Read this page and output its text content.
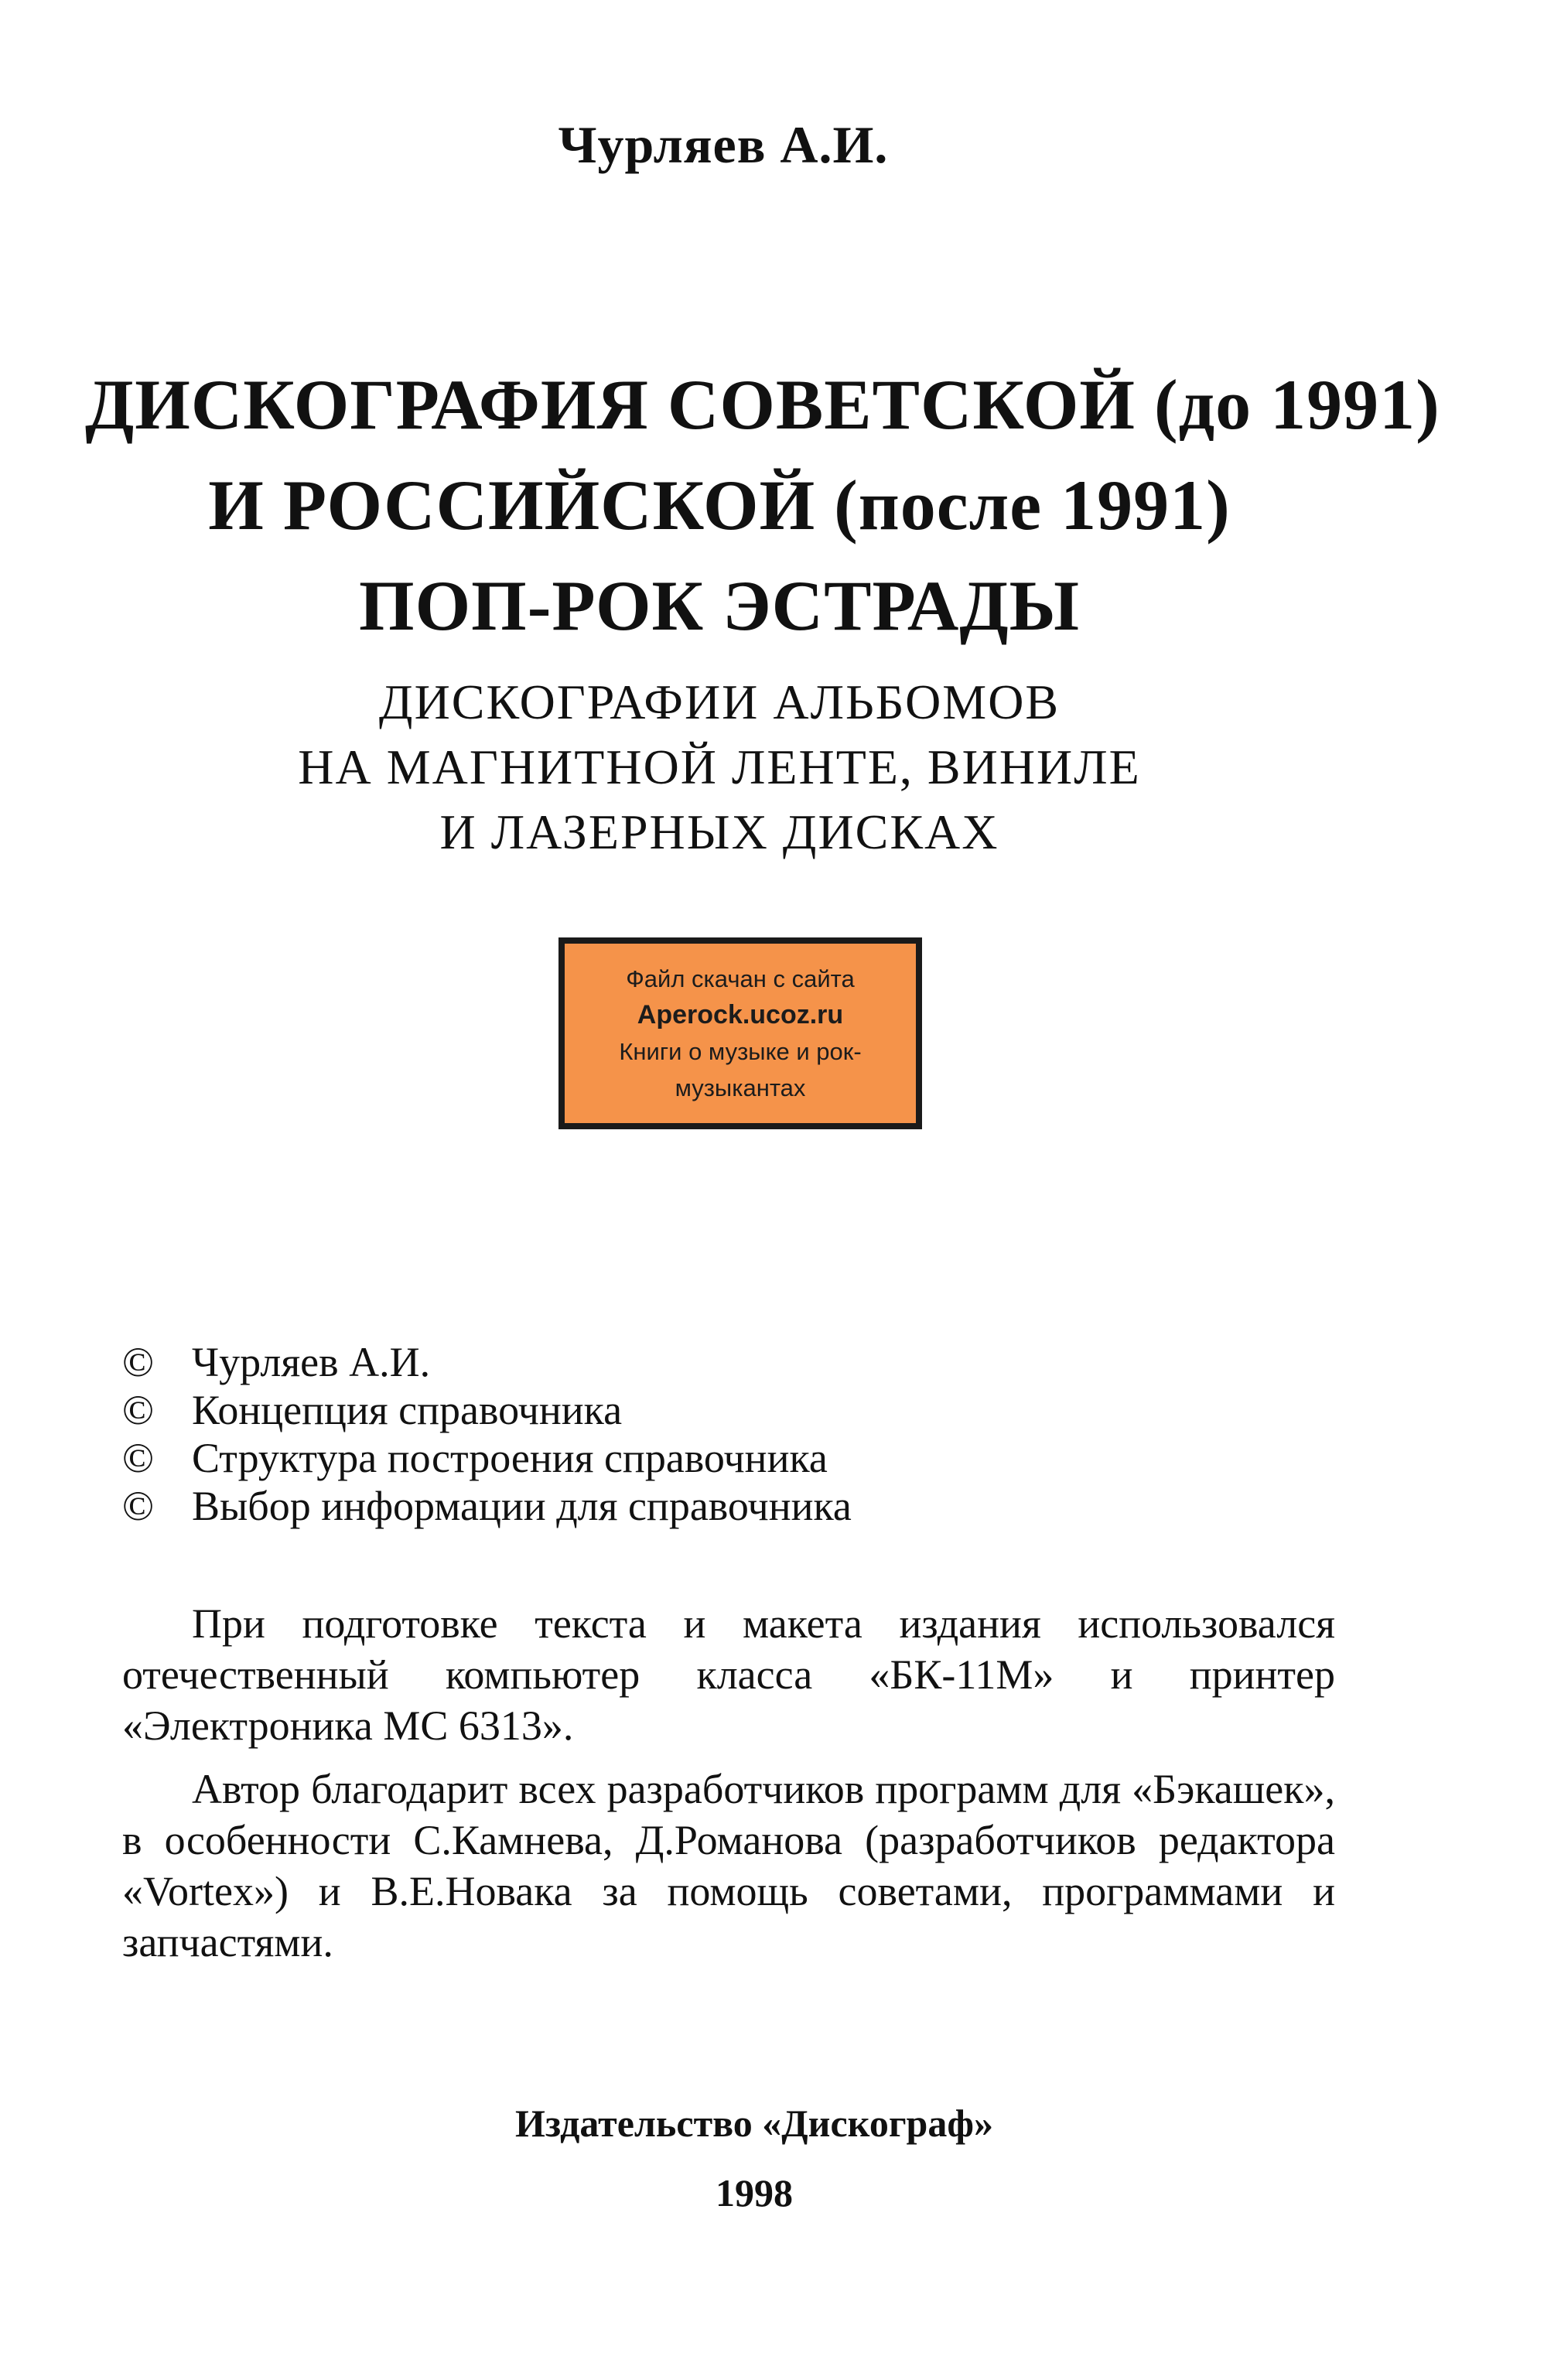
Чурляев А.И.
ДИСКОГРАФИЯ СОВЕТСКОЙ (до 1991)
И РОССИЙСКОЙ (после 1991)
ПОП-РОК ЭСТРАДЫ
ДИСКОГРАФИИ АЛЬБОМОВ
НА МАГНИТНОЙ ЛЕНТЕ, ВИНИЛЕ
И ЛАЗЕРНЫХ ДИСКАХ
Файл скачан с сайта
Aperock.ucoz.ru
Книги о музыке и рок-
музыкантах
© Чурляев А.И.
© Концепция справочника
© Структура построения справочника
© Выбор информации для справочника

При подготовке текста и макета издания использовался отечественный компьютер класса «БК-11М» и принтер «Электроника МС 6313».

Автор благодарит всех разработчиков программ для «Бэкашек», в особенности С.Камнева, Д.Романова (разработчиков редактора «Vortex») и В.Е.Новака за помощь советами, программами и запчастями.

Издательство «Дискограф»
1998
